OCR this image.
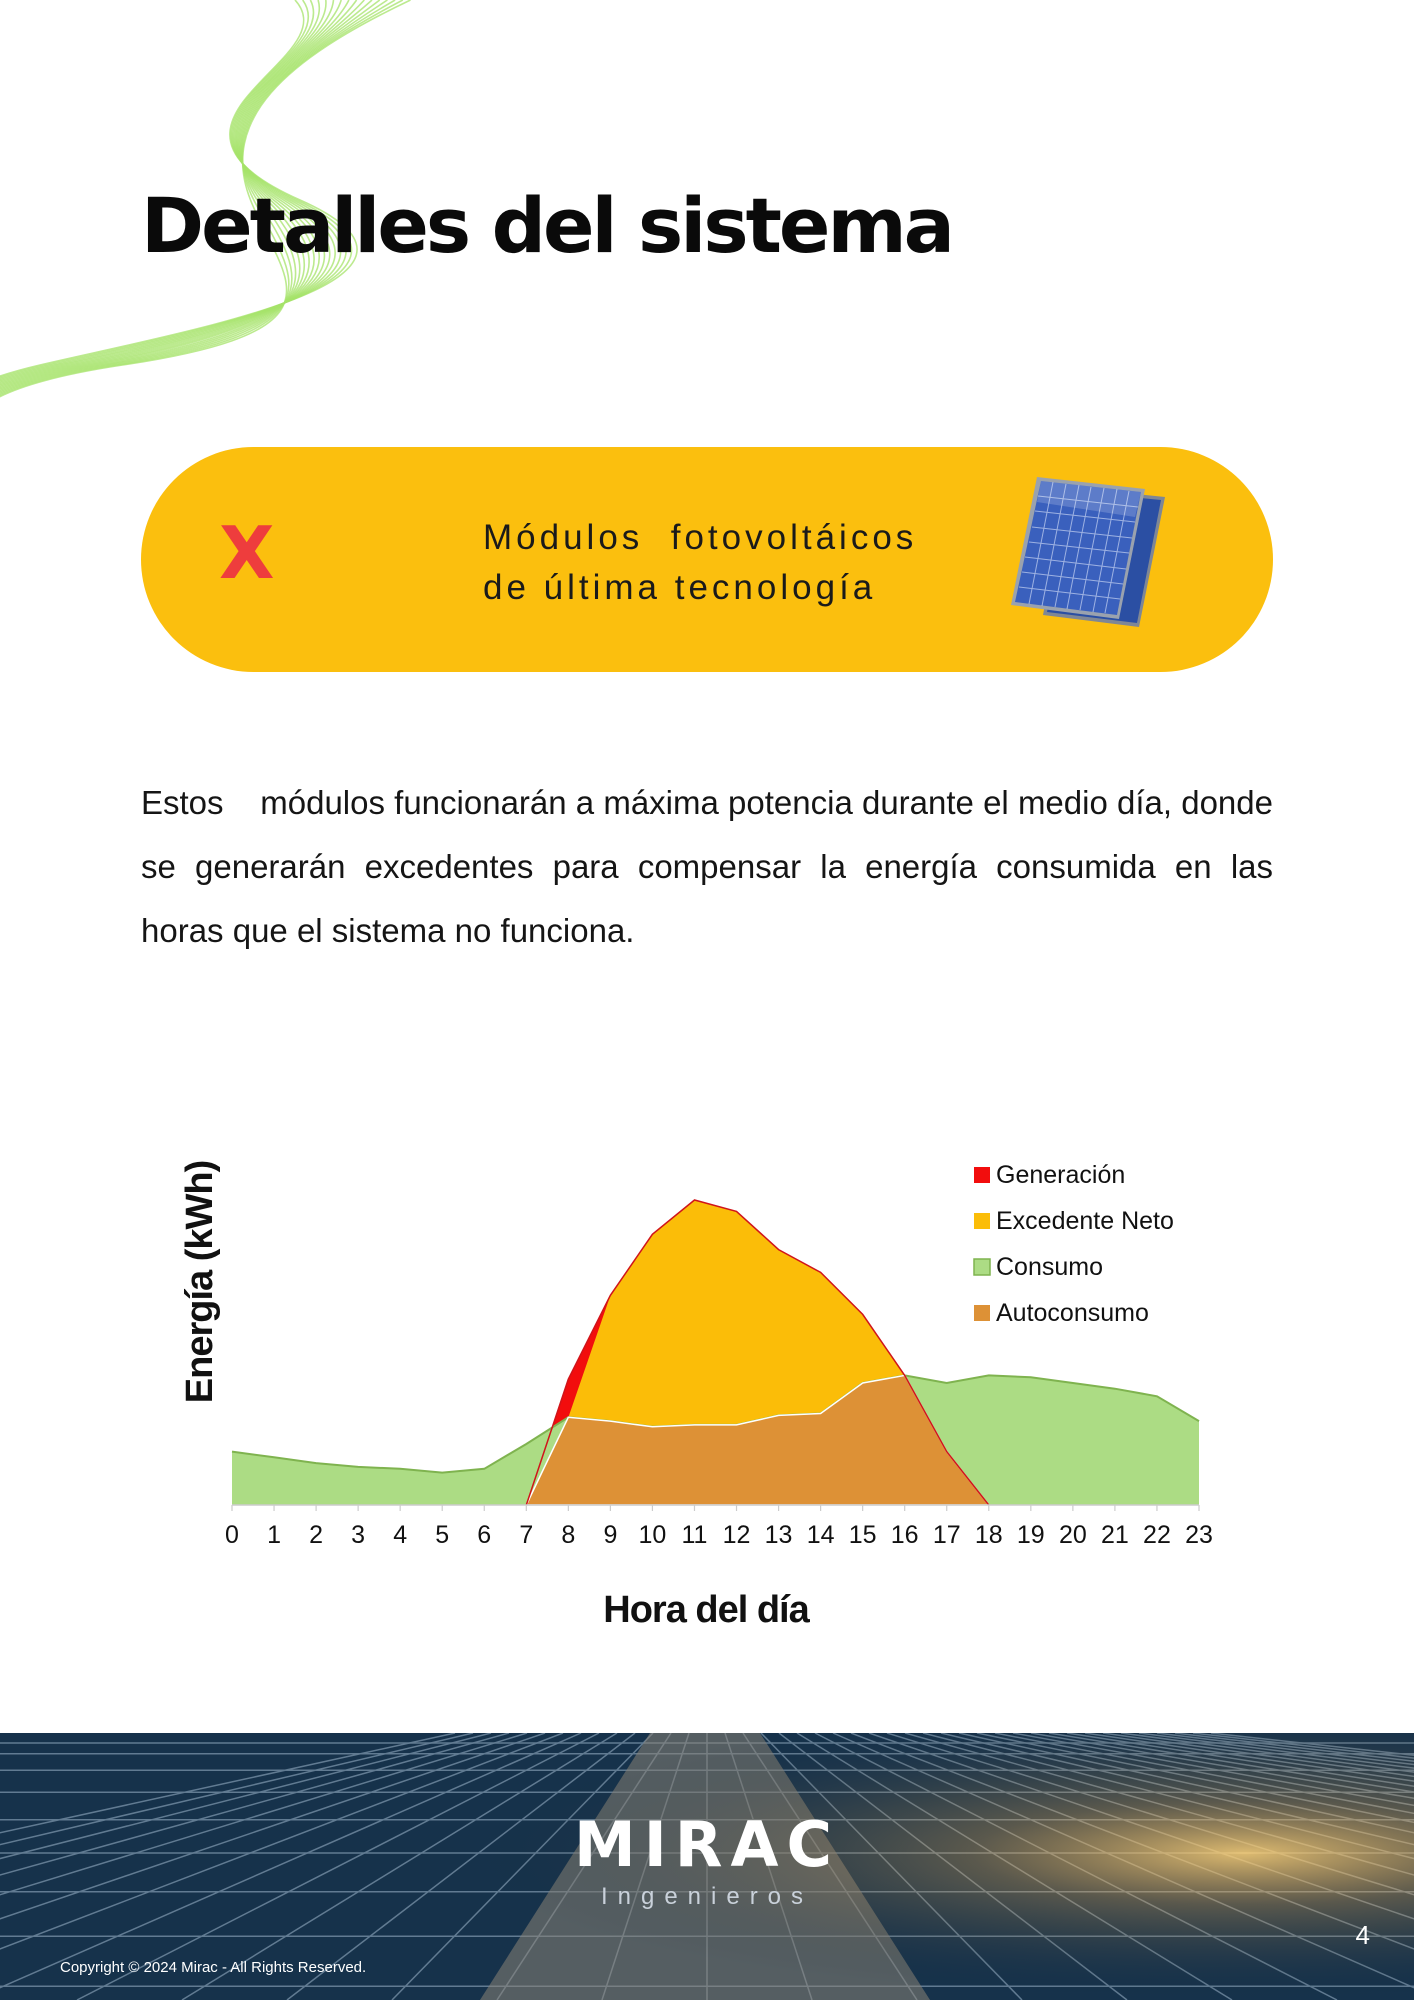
Detalles del sistema
X	Módulos  fotovoltáicos
de última tecnología

Estos    módulos funcionarán a máxima potencia durante el medio día, donde se generarán excedentes para compensar la energía consumida en las horas que el sistema no funciona.

0 1 2 3 4 5 6 7 8 9 10 11 12 13 14 15 16 17 18 19 20 21 22 23
Hora del día
Energía (kWh)	Generación
Excedente Neto
Consumo
Autoconsumo
MIRAC
Ingenieros
Copyright © 2024 Mirac - All Rights Reserved.
4
